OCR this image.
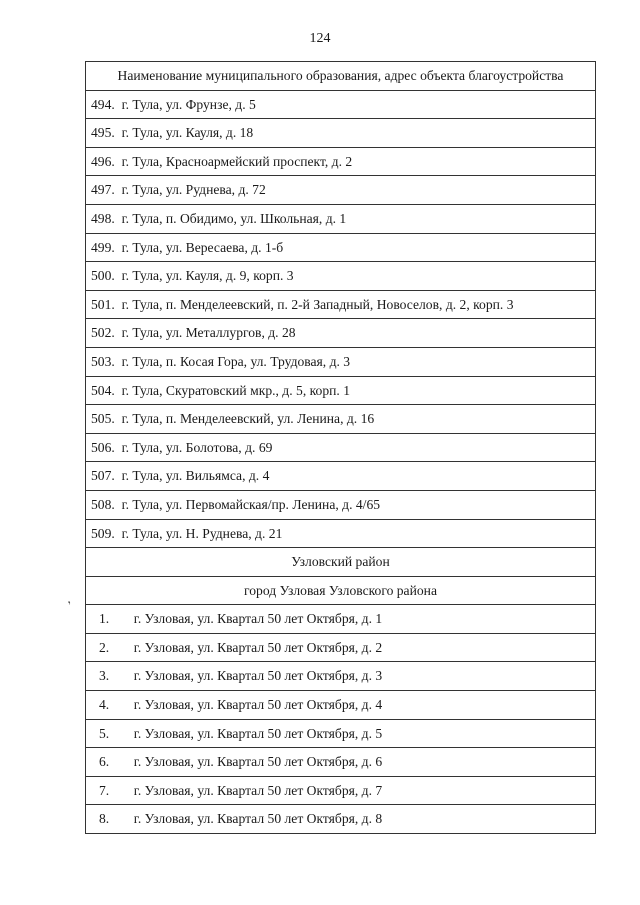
124
,
Наименование муниципального образования, адрес объекта благоустройства
494. г. Тула, ул. Фрунзе, д. 5
495. г. Тула, ул. Кауля, д. 18
496. г. Тула, Красноармейский проспект, д. 2
497. г. Тула, ул. Руднева, д. 72
498. г. Тула, п. Обидимо, ул. Школьная, д. 1
499. г. Тула, ул. Вересаева, д. 1-б
500. г. Тула, ул. Кауля, д. 9, корп. 3
501. г. Тула, п. Менделеевский, п. 2-й Западный, Новоселов, д. 2, корп. 3
502. г. Тула, ул. Металлургов, д. 28
503. г. Тула, п. Косая Гора, ул. Трудовая, д. 3
504. г. Тула, Скуратовский мкр., д. 5, корп. 1
505. г. Тула, п. Менделеевский, ул. Ленина, д. 16
506. г. Тула, ул. Болотова, д. 69
507. г. Тула, ул. Вильямса, д. 4
508. г. Тула, ул. Первомайская/пр. Ленина, д. 4/65
509. г. Тула, ул. Н. Руднева, д. 21
Узловский район
город Узловая Узловского района
1. г. Узловая, ул. Квартал 50 лет Октября, д. 1
2. г. Узловая, ул. Квартал 50 лет Октября, д. 2
3. г. Узловая, ул. Квартал 50 лет Октября, д. 3
4. г. Узловая, ул. Квартал 50 лет Октября, д. 4
5. г. Узловая, ул. Квартал 50 лет Октября, д. 5
6. г. Узловая, ул. Квартал 50 лет Октября, д. 6
7. г. Узловая, ул. Квартал 50 лет Октября, д. 7
8. г. Узловая, ул. Квартал 50 лет Октября, д. 8
